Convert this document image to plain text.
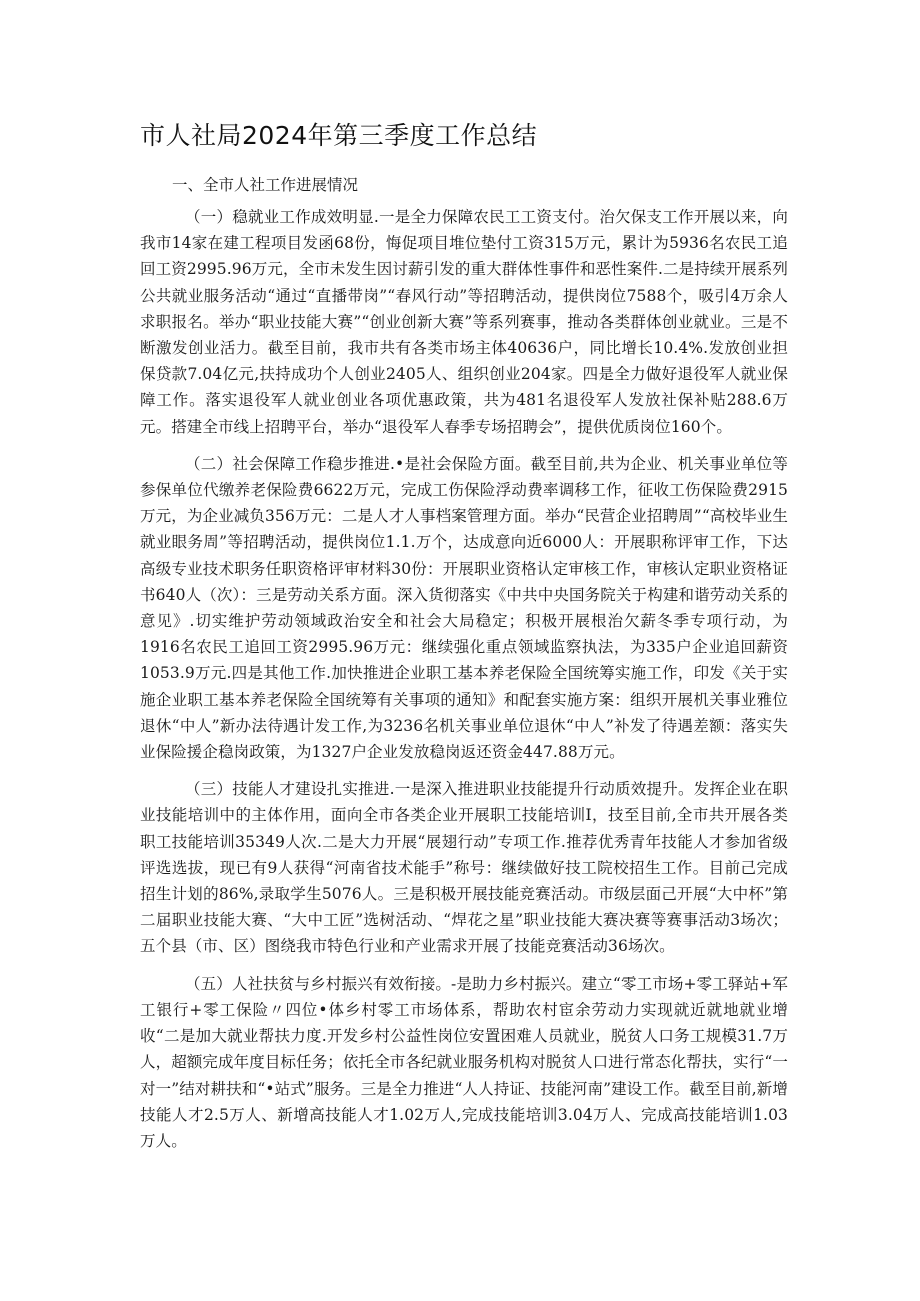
市人社局2024年第三季度工作总结

一、全市人社工作进展情况

（一）稳就业工作成效明显.一是全力保障农民工工资支付。治欠保支工作开展以来，向我市14家在建工程项目发函68份，悔促项目堆位垫付工资315万元，累计为5936名农民工追回工资2995.96万元，全市未发生因讨薪引发的重大群体性事件和恶性案件.二是持续开展系列公共就业服务活动“通过“直播带岗”“春风行动”等招聘活动，提供岗位7588个，吸引4万余人求职报名。举办“职业技能大赛”“创业创新大赛”等系列赛事，推动各类群体创业就业。三是不断激发创业活力。截至目前，我市共有各类市场主体40636户，同比增长10.4%.发放创业担保贷款7.04亿元,扶持成功个人创业2405人、组织创业204家。四是全力做好退役军人就业保障工作。落实退役军人就业创业各项优惠政策，共为481名退役军人发放社保补贴288.6万元。搭建全市线上招聘平台，举办“退役军人春季专场招聘会”，提供优质岗位160个。

（二）社会保障工作稳步推进.•是社会保险方面。截至目前,共为企业、机关事业单位等参保单位代缴养老保险费6622万元，完成工伤保险浮动费率调移工作，征收工伤保险费2915万元，为企业减负356万元：二是人才人事档案管理方面。举办“民营企业招聘周”“高校毕业生就业眼务周”等招聘活动，提供岗位1.1.万个，达成意向近6000人：开展职称评审工作，下达高级专业技术职务任职资格评审材料30份：开展职业资格认定审核工作，审核认定职业资格证书640人（次）：三是劳动关系方面。深入货彻落实《中共中央国务院关于构建和谐劳动关系的意见》.切实维护劳动领域政治安全和社会大局稳定；积极开展根治欠薪冬季专项行动，为1916名农民工追回工资2995.96万元：继续强化重点领域监察执法，为335户企业追回薪资1053.9万元.四是其他工作.加快推进企业职工基本养老保险全国统筹实施工作，印发《关于实施企业职工基本养老保险全国统筹有关事项的通知》和配套实施方案：组织开展机关事业雅位退休“中人”新办法待遇计发工作,为3236名机关事业单位退休“中人”补发了待遇差额：落实失业保险援企稳岗政策，为1327户企业发放稳岗返还资金447.88万元。

（三）技能人才建设扎实推进.一是深入推进职业技能提升行动质效提升。发挥企业在职业技能培训中的主体作用，面向全市各类企业开展职工技能培训I，技至目前,全市共开展各类职工技能培训35349人次.二是大力开展“展翅行动”专项工作.推荐优秀青年技能人才参加省级评选选拔，现已有9人获得“河南省技术能手”称号：继续做好技工院校招生工作。目前己完成招生计划的86%,录取学生5076人。三是积极开展技能竞赛活动。市级层面己开展“大中杯”第二届职业技能大赛、“大中工匠”选树活动、“焊花之星”职业技能大赛决赛等赛事活动3场次；五个县（市、区）图绕我市特色行业和产业需求开展了技能竞赛活动36场次。

（五）人社扶贫与乡村振兴有效衔接。-是助力乡村振兴。建立“零工市场+零工驿站+军工银行+零工保险〃四位•体乡村零工市场体系，帮助农村宦余劳动力实现就近就地就业增收“二是加大就业帮扶力度.开发乡村公益性岗位安置困难人员就业，脱贫人口务工规模31.7万人，超额完成年度目标任务；依托全市各纪就业服务机构对脱贫人口进行常态化帮扶，实行“一对一”结对耕扶和“•站式”服务。三是全力推进“人人持证、技能河南”建设工作。截至目前,新增技能人才2.5万人、新增高技能人才1.02万人,完成技能培训3.04万人、完成高技能培训1.03万人。
